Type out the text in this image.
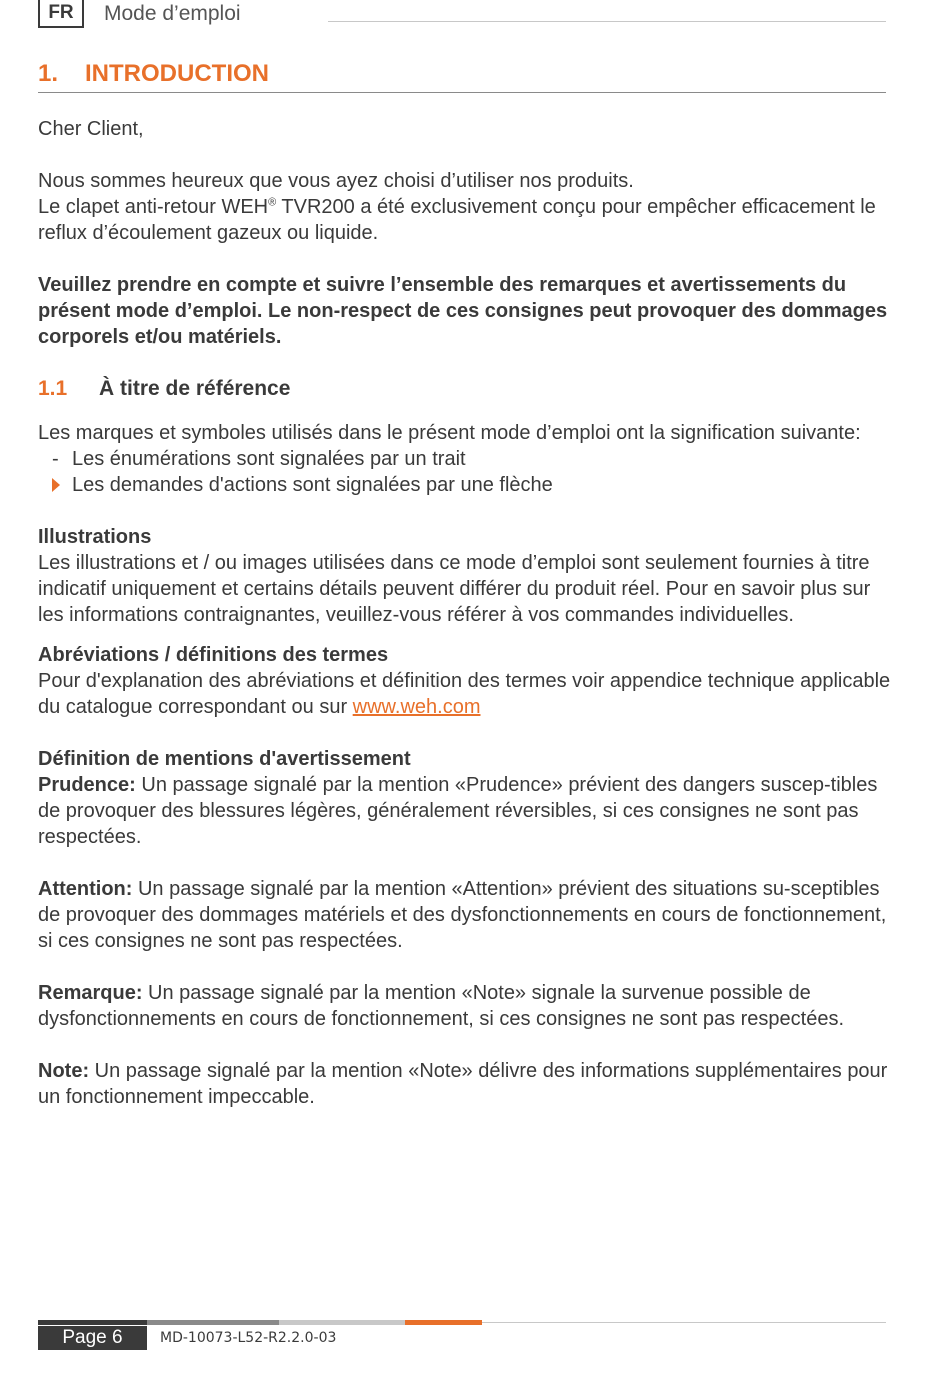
FR	Mode d’emploi
1. INTRODUCTION

Cher Client,

Nous sommes heureux que vous ayez choisi d’utiliser nos produits.

Le clapet anti-retour WEH® TVR200 a été exclusivement conçu pour empêcher efficacement le reflux d’écoulement gazeux ou liquide.

Veuillez prendre en compte et suivre l’ensemble des remarques et avertissements du présent mode d’emploi. Le non-respect de ces consignes peut provoquer des dommages corporels et/ou matériels.

1.1 À titre de référence

Les marques et symboles utilisés dans le présent mode d’emploi ont la signification suivante:

- Les énumérations sont signalées par un trait
Les demandes d'actions sont signalées par une flèche

Illustrations

Les illustrations et / ou images utilisées dans ce mode d’emploi sont seulement fournies à titre indicatif uniquement et certains détails peuvent différer du produit réel. Pour en savoir plus sur les informations contraignantes, veuillez-vous référer à vos commandes individuelles.

Abréviations / définitions des termes

Pour d'explanation des abréviations et définition des termes voir appendice technique applicable du catalogue correspondant ou sur www.weh.com

Définition de mentions d'avertissement

Prudence: Un passage signalé par la mention «Prudence» prévient des dangers suscep-tibles de provoquer des blessures légères, généralement réversibles, si ces consignes ne sont pas respectées.

Attention: Un passage signalé par la mention «Attention» prévient des situations su-sceptibles de provoquer des dommages matériels et des dysfonctionnements en cours de fonctionnement, si ces consignes ne sont pas respectées.

Remarque: Un passage signalé par la mention «Note» signale la survenue possible de dysfonctionnements en cours de fonctionnement, si ces consignes ne sont pas respectées.

Note: Un passage signalé par la mention «Note» délivre des informations supplémentaires pour un fonctionnement impeccable.

Page 6	MD-10073-L52-R2.2.0-03
